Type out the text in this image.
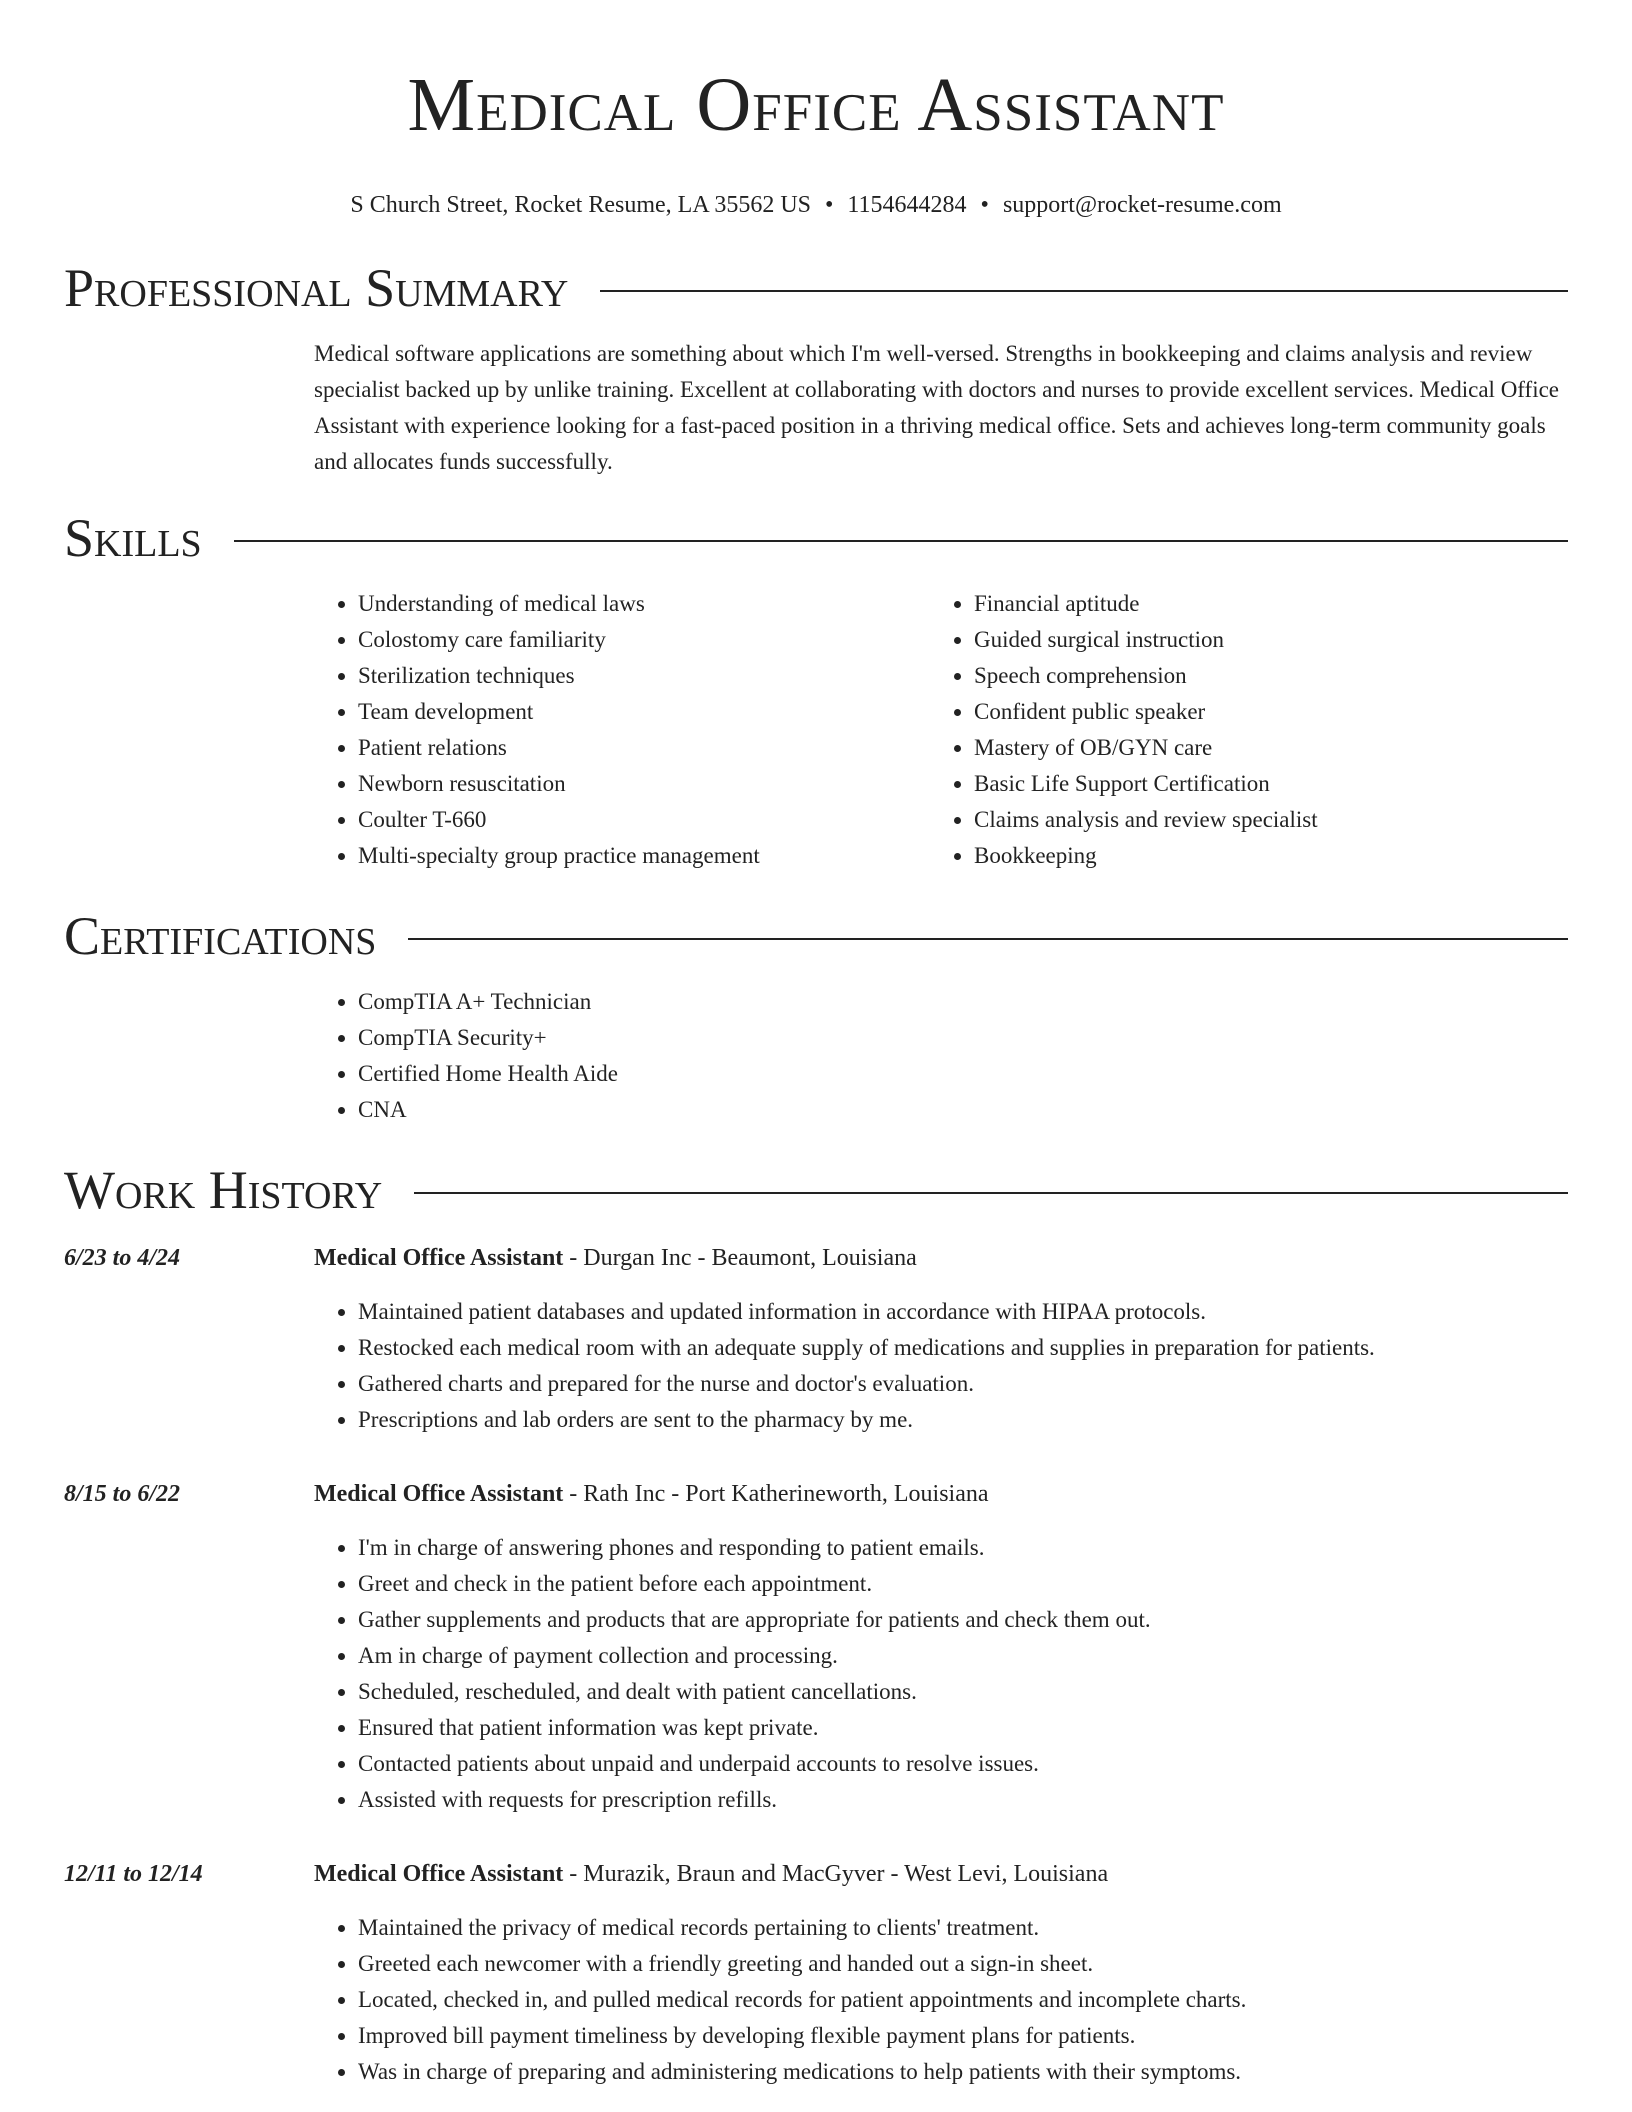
Medical Office Assistant
S Church Street, Rocket Resume, LA 35562 US • 1154644284 • support@rocket-resume.com
Professional Summary
Medical software applications are something about which I'm well-versed. Strengths in bookkeeping and claims analysis and review specialist backed up by unlike training. Excellent at collaborating with doctors and nurses to provide excellent services. Medical Office Assistant with experience looking for a fast-paced position in a thriving medical office. Sets and achieves long-term community goals and allocates funds successfully.
Skills
• Understanding of medical laws
• Colostomy care familiarity
• Sterilization techniques
• Team development
• Patient relations
• Newborn resuscitation
• Coulter T-660
• Multi-specialty group practice management
• Financial aptitude
• Guided surgical instruction
• Speech comprehension
• Confident public speaker
• Mastery of OB/GYN care
• Basic Life Support Certification
• Claims analysis and review specialist
• Bookkeeping
Certifications
• CompTIA A+ Technician
• CompTIA Security+
• Certified Home Health Aide
• CNA
Work History
6/23 to 4/24	Medical Office Assistant - Durgan Inc - Beaumont, Louisiana
• Maintained patient databases and updated information in accordance with HIPAA protocols.
• Restocked each medical room with an adequate supply of medications and supplies in preparation for patients.
• Gathered charts and prepared for the nurse and doctor's evaluation.
• Prescriptions and lab orders are sent to the pharmacy by me.
8/15 to 6/22	Medical Office Assistant - Rath Inc - Port Katherineworth, Louisiana
• I'm in charge of answering phones and responding to patient emails.
• Greet and check in the patient before each appointment.
• Gather supplements and products that are appropriate for patients and check them out.
• Am in charge of payment collection and processing.
• Scheduled, rescheduled, and dealt with patient cancellations.
• Ensured that patient information was kept private.
• Contacted patients about unpaid and underpaid accounts to resolve issues.
• Assisted with requests for prescription refills.
12/11 to 12/14	Medical Office Assistant - Murazik, Braun and MacGyver - West Levi, Louisiana
• Maintained the privacy of medical records pertaining to clients' treatment.
• Greeted each newcomer with a friendly greeting and handed out a sign-in sheet.
• Located, checked in, and pulled medical records for patient appointments and incomplete charts.
• Improved bill payment timeliness by developing flexible payment plans for patients.
• Was in charge of preparing and administering medications to help patients with their symptoms.
